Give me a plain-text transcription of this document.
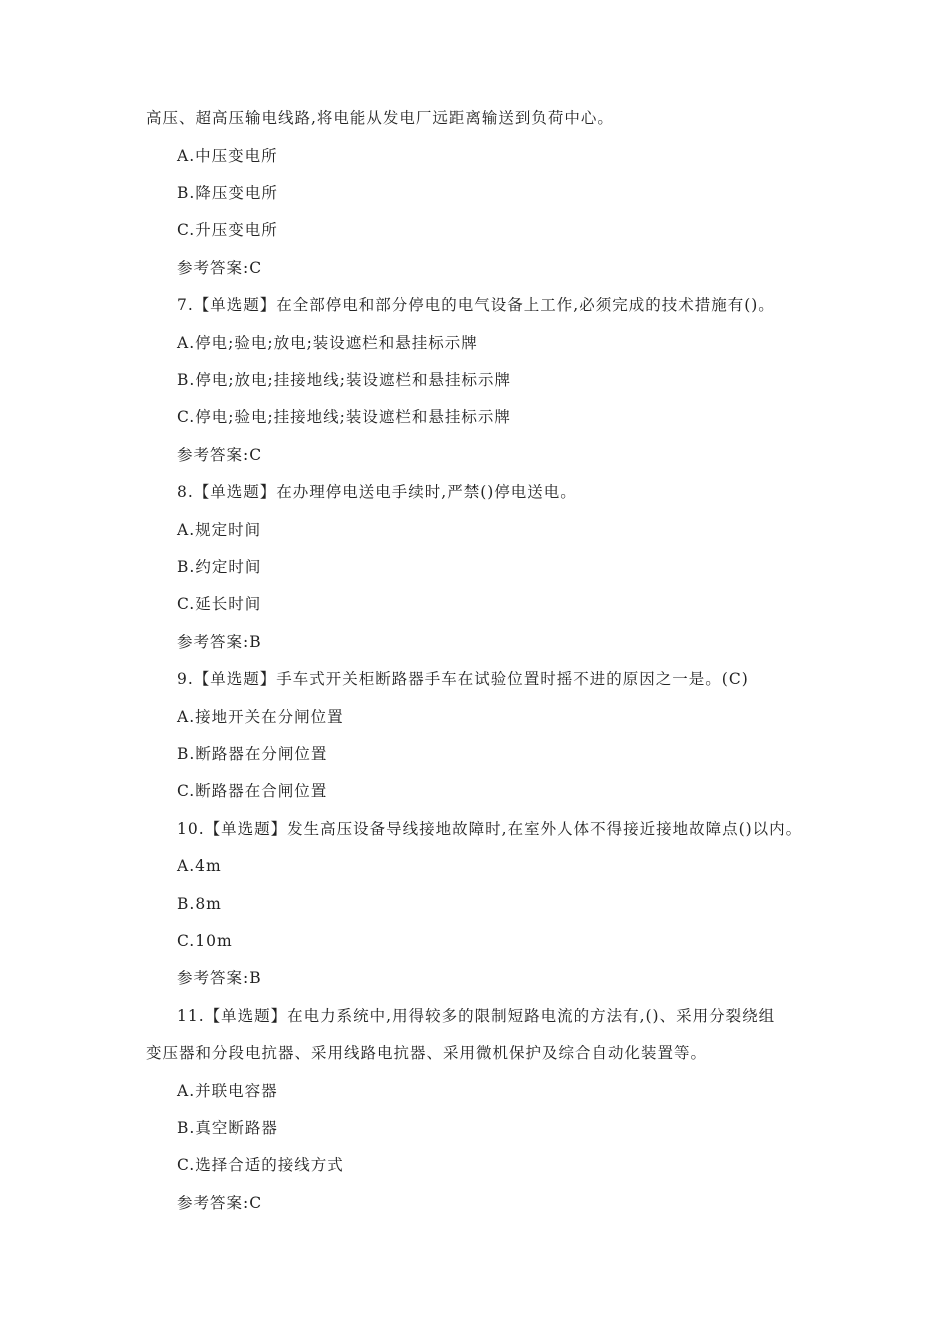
高压、超高压输电线路,将电能从发电厂远距离输送到负荷中心。
A.中压变电所
B.降压变电所
C.升压变电所
参考答案:C
7.【单选题】在全部停电和部分停电的电气设备上工作,必须完成的技术措施有()。
A.停电;验电;放电;装设遮栏和悬挂标示牌
B.停电;放电;挂接地线;装设遮栏和悬挂标示牌
C.停电;验电;挂接地线;装设遮栏和悬挂标示牌
参考答案:C
8.【单选题】在办理停电送电手续时,严禁()停电送电。
A.规定时间
B.约定时间
C.延长时间
参考答案:B
9.【单选题】手车式开关柜断路器手车在试验位置时摇不进的原因之一是。(C)
A.接地开关在分闸位置
B.断路器在分闸位置
C.断路器在合闸位置
10.【单选题】发生高压设备导线接地故障时,在室外人体不得接近接地故障点()以内。
A.4m
B.8m
C.10m
参考答案:B
11.【单选题】在电力系统中,用得较多的限制短路电流的方法有,()、采用分裂绕组
变压器和分段电抗器、采用线路电抗器、采用微机保护及综合自动化装置等。
A.并联电容器
B.真空断路器
C.选择合适的接线方式
参考答案:C
